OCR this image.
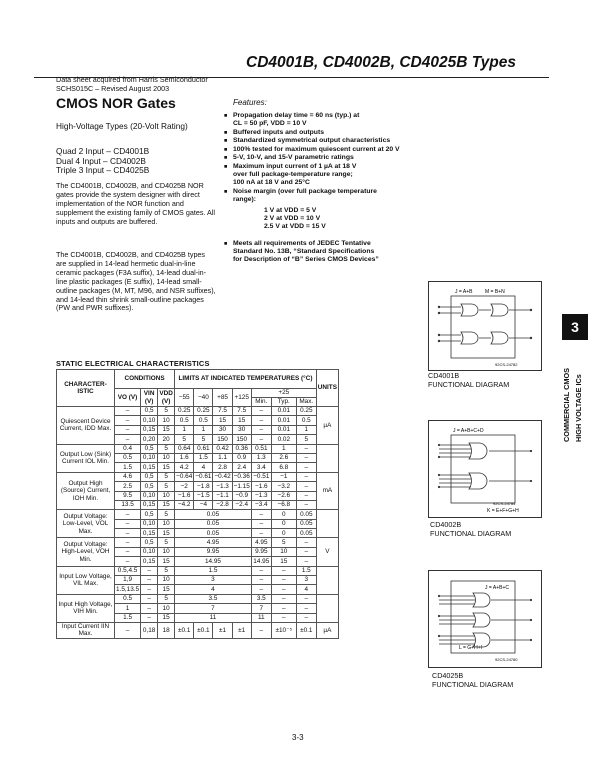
CD4001B, CD4002B, CD4025B Types
Data sheet acquired from Harris Semiconductor
SCHS015C – Revised August 2003
CMOS NOR Gates
High-Voltage Types (20-Volt Rating)
Quad 2 Input – CD4001B
Dual 4 Input – CD4002B
Triple 3 Input – CD4025B
The CD4001B, CD4002B, and CD4025B NOR gates provide the system designer with direct implementation of the NOR function and supplement the existing family of CMOS gates. All inputs and outputs are buffered.
The CD4001B, CD4002B, and CD4025B types are supplied in 14-lead hermetic dual-in-line ceramic packages (F3A suffix), 14-lead dual-in-line plastic packages (E suffix), 14-lead small-outline packages (M, MT, M96, and NSR suffixes), and 14-lead thin shrink small-outline packages (PW and PWR suffixes).
Features:
■ Propagation delay time = 60 ns (typ.) at
CL = 50 pF, VDD = 10 V
■ Buffered inputs and outputs
■ Standardized symmetrical output characteristics
■ 100% tested for maximum quiescent current at 20 V
■ 5-V, 10-V, and 15-V parametric ratings
■ Maximum input current of 1 µA at 18 V
over full package-temperature range;
100 nA at 18 V and 25°C
■ Noise margin (over full package temperature
range):
1 V at VDD = 5 V
2 V at VDD = 10 V
2.5 V at VDD = 15 V
■ Meets all requirements of JEDEC Tentative
Standard No. 13B, “Standard Specifications
for Description of “B” Series CMOS Devices”
3
COMMERCIAL CMOS HIGH VOLTAGE ICs
J = A+B M = B+N
92CS-24782
CD4001B
FUNCTIONAL DIAGRAM
J = A+B+C+D
K = E+F+G+H
92CS-24784
CD4002B
FUNCTIONAL DIAGRAM
J = A+B+C
L = G+H+I
92CS-24780
CD4025B
FUNCTIONAL DIAGRAM
STATIC ELECTRICAL CHARACTERISTICS
CHARACTER-ISTIC	CONDITIONS			LIMITS AT INDICATED TEMPERATURES (°C)							UNITS
	VO (V)	VIN (V)	VDD (V)	−55	−40	+85	+125	+25			
								Min.	Typ.	Max.	
Quiescent Device Current, IDD Max.	–	0,5	5	0.25	0.25	7.5	7.5	–	0.01	0.25	µA
	–	0,10	10	0.5	0.5	15	15	–	0.01	0.5	
	–	0,15	15	1	1	30	30	–	0.01	1	
	–	0,20	20	5	5	150	150	–	0.02	5	
Output Low (Sink) Current IOL Min.	0.4	0,5	5	0.64	0.61	0.42	0.36	0.51	1	–	
	0.5	0,10	10	1.6	1.5	1.1	0.9	1.3	2.6	–	
	1.5	0,15	15	4.2	4	2.8	2.4	3.4	6.8	–	
Output High (Source) Current, IOH Min.	4.6	0,5	5	−0.64	−0.61	−0.42	−0.36	−0.51	−1	–	mA
	2.5	0,5	5	−2	−1.8	−1.3	−1.15	−1.6	−3.2	–	
	9.5	0,10	10	−1.6	−1.5	−1.1	−0.9	−1.3	−2.6	–	
	13.5	0,15	15	−4.2	−4	−2.8	−2.4	−3.4	−6.8	–	
Output Voltage: Low-Level, VOL Max.	–	0,5	5	0.05				–	0	0.05	
	–	0,10	10	0.05				–	0	0.05	
	–	0,15	15	0.05				–	0	0.05	
Output Voltage: High-Level, VOH Min.	–	0,5	5	4.95				4.95	5	–	V
	–	0,10	10	9.95				9.95	10	–	
	–	0,15	15	14.95				14.95	15	–	
Input Low Voltage, VIL Max.	0.5,4.5	–	5	1.5				–	–	1.5	
	1,9	–	10	3				–	–	3	
	1.5,13.5	–	15	4				–	–	4	
Input High Voltage, VIH Min.	0.5	–	5	3.5				3.5	–	–	
	1	–	10	7				7	–	–	
	1.5	–	15	11				11	–	–	
Input Current IIN Max.	–	0,18	18	±0.1	±0.1	±1	±1	–	±10⁻⁵	±0.1	µA
3-3
